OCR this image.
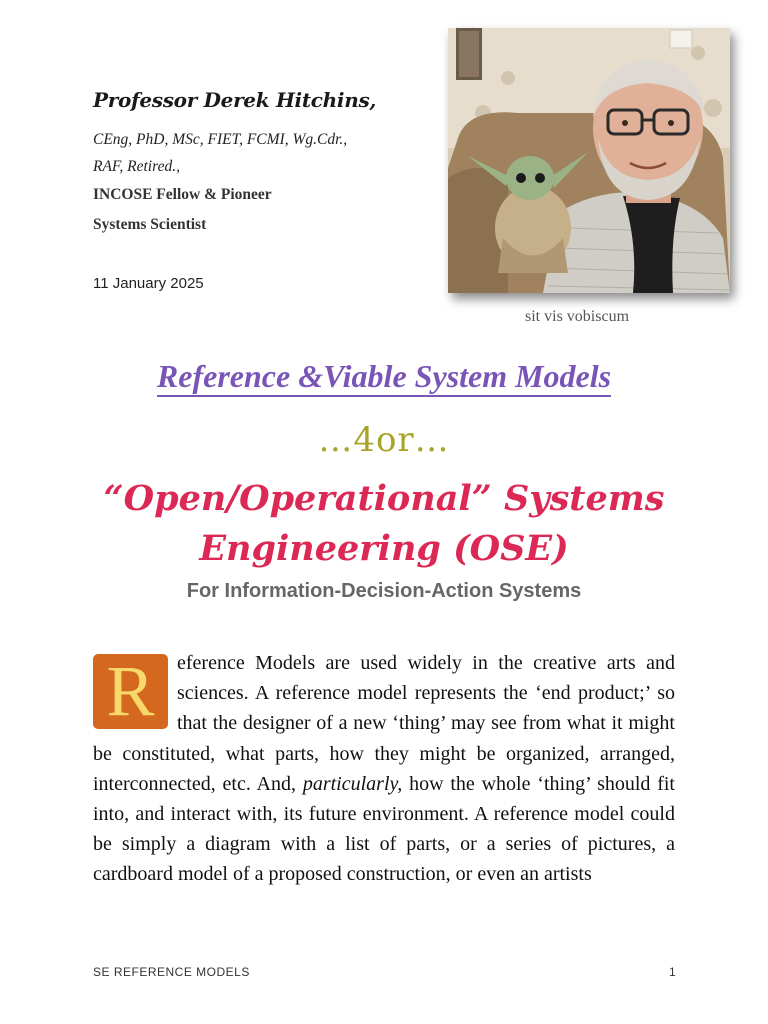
Professor Derek Hitchins,
CEng, PhD, MSc, FIET, FCMI, Wg.Cdr.,
RAF, Retired.,
INCOSE Fellow & Pioneer
Systems Scientist
11 January 2025
sit vis vobiscum
Reference &Viable System Models
…4or…
“Open/Operational” Systems
Engineering (OSE)
For Information-Decision-Action Systems
R	eference Models are used widely in the creative arts and sciences. A reference model represents the ‘end product;’ so that the designer of a new ‘thing’ may see from what it might be constituted, what parts, how they might be organized, arranged, interconnected, etc. And, particularly, how the whole ‘thing’ should fit into, and interact with, its future environment. A reference model could be simply a diagram with a list of parts, or a series of pictures, a cardboard model of a proposed construction, or even an artists
SE REFERENCE MODELS	1
